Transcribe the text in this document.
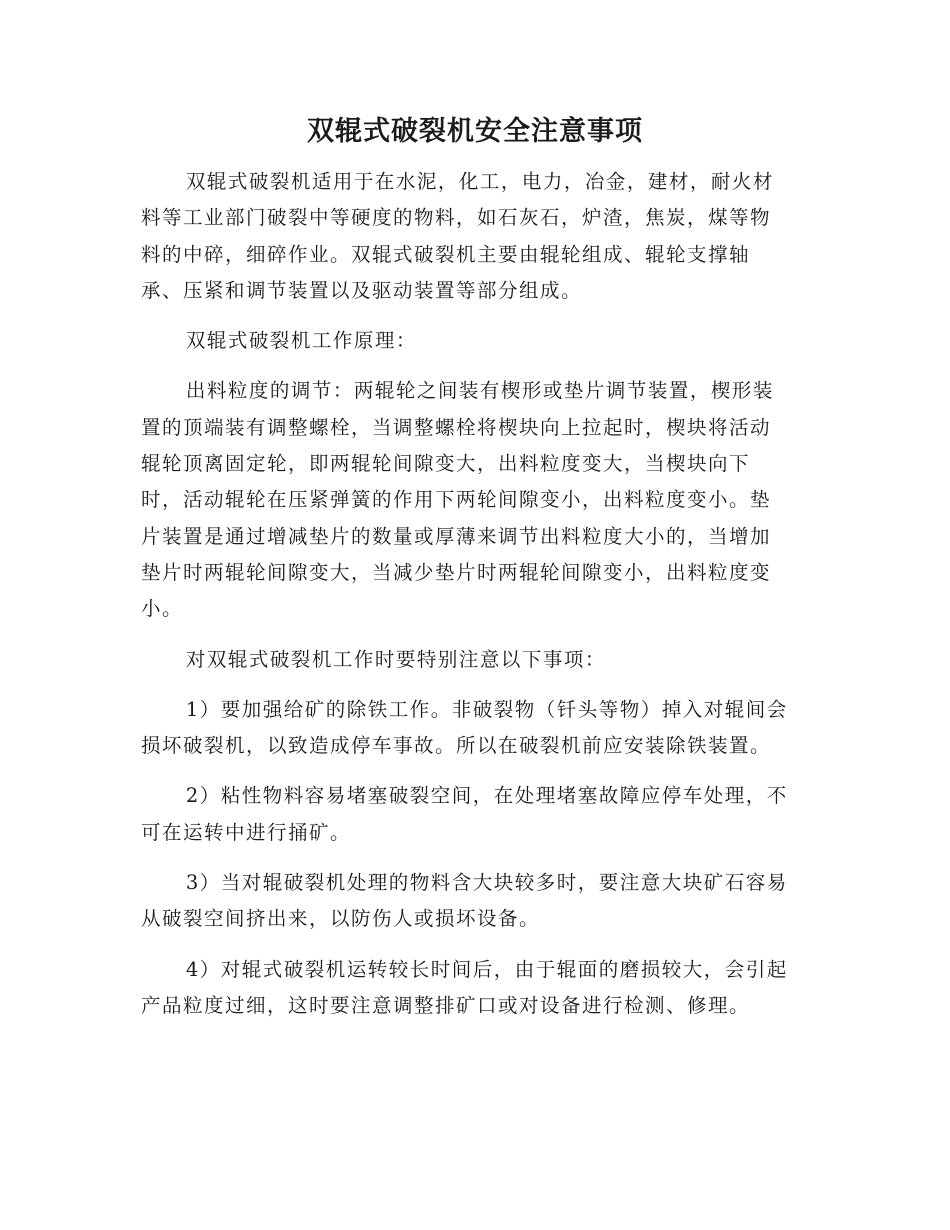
双辊式破裂机安全注意事项

双辊式破裂机适用于在水泥，化工，电力，冶金，建材，耐火材
料等工业部门破裂中等硬度的物料，如石灰石，炉渣，焦炭，煤等物
料的中碎，细碎作业。双辊式破裂机主要由辊轮组成、辊轮支撑轴
承、压紧和调节装置以及驱动装置等部分组成。

双辊式破裂机工作原理：

出料粒度的调节：两辊轮之间装有楔形或垫片调节装置，楔形装
置的顶端装有调整螺栓，当调整螺栓将楔块向上拉起时，楔块将活动
辊轮顶离固定轮，即两辊轮间隙变大，出料粒度变大，当楔块向下
时，活动辊轮在压紧弹簧的作用下两轮间隙变小，出料粒度变小。垫
片装置是通过增减垫片的数量或厚薄来调节出料粒度大小的，当增加
垫片时两辊轮间隙变大，当减少垫片时两辊轮间隙变小，出料粒度变
小。

对双辊式破裂机工作时要特别注意以下事项：

1）要加强给矿的除铁工作。非破裂物（钎头等物）掉入对辊间会
损坏破裂机，以致造成停车事故。所以在破裂机前应安装除铁装置。

2）粘性物料容易堵塞破裂空间，在处理堵塞故障应停车处理，不
可在运转中进行捅矿。

3）当对辊破裂机处理的物料含大块较多时，要注意大块矿石容易
从破裂空间挤出来，以防伤人或损坏设备。

4）对辊式破裂机运转较长时间后，由于辊面的磨损较大，会引起
产品粒度过细，这时要注意调整排矿口或对设备进行检测、修理。
